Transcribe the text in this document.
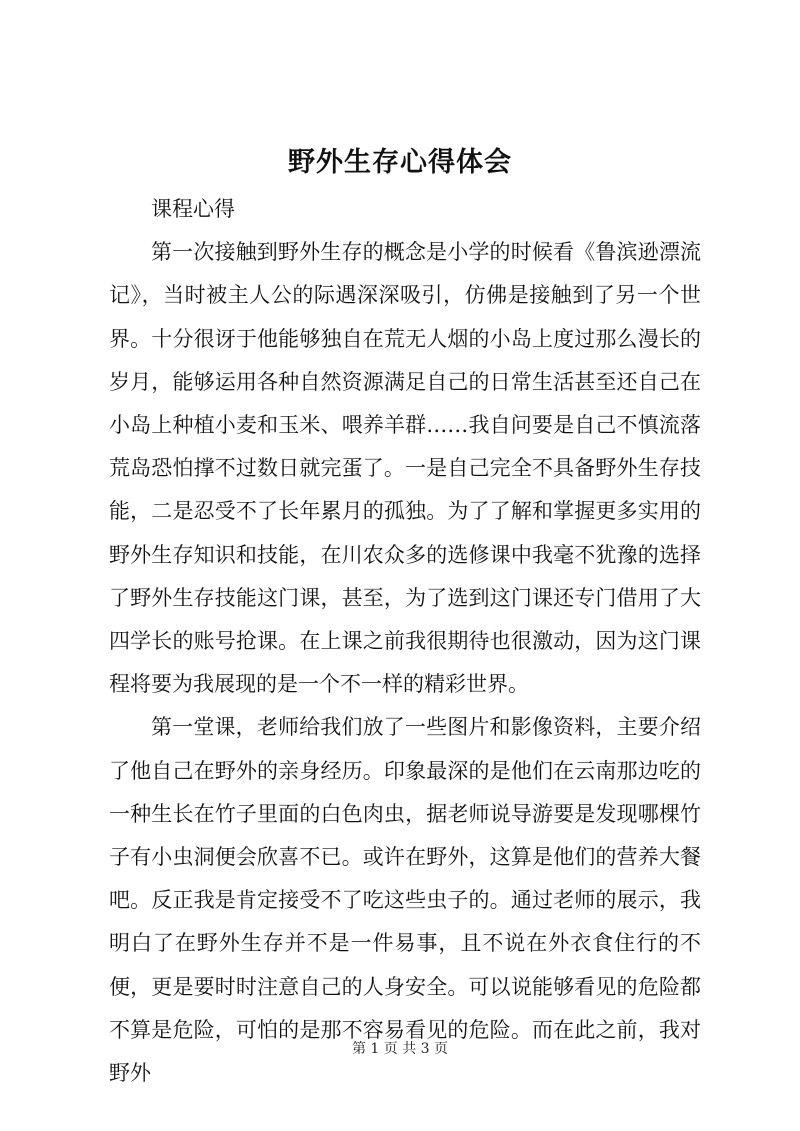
野外生存心得体会

课程心得

第一次接触到野外生存的概念是小学的时候看《鲁滨逊漂流记》，当时被主人公的际遇深深吸引，仿佛是接触到了另一个世界。十分很讶于他能够独自在荒无人烟的小岛上度过那么漫长的岁月，能够运用各种自然资源满足自己的日常生活甚至还自己在小岛上种植小麦和玉米、喂养羊群……我自问要是自己不慎流落荒岛恐怕撑不过数日就完蛋了。一是自己完全不具备野外生存技能，二是忍受不了长年累月的孤独。为了了解和掌握更多实用的野外生存知识和技能，在川农众多的选修课中我毫不犹豫的选择了野外生存技能这门课，甚至，为了选到这门课还专门借用了大四学长的账号抢课。在上课之前我很期待也很激动，因为这门课程将要为我展现的是一个不一样的精彩世界。

第一堂课，老师给我们放了一些图片和影像资料，主要介绍了他自己在野外的亲身经历。印象最深的是他们在云南那边吃的一种生长在竹子里面的白色肉虫，据老师说导游要是发现哪棵竹子有小虫洞便会欣喜不已。或许在野外，这算是他们的营养大餐吧。反正我是肯定接受不了吃这些虫子的。通过老师的展示，我明白了在野外生存并不是一件易事，且不说在外衣食住行的不便，更是要时时注意自己的人身安全。可以说能够看见的危险都不算是危险，可怕的是那不容易看见的危险。而在此之前，我对野外

第 1 页 共 3 页
